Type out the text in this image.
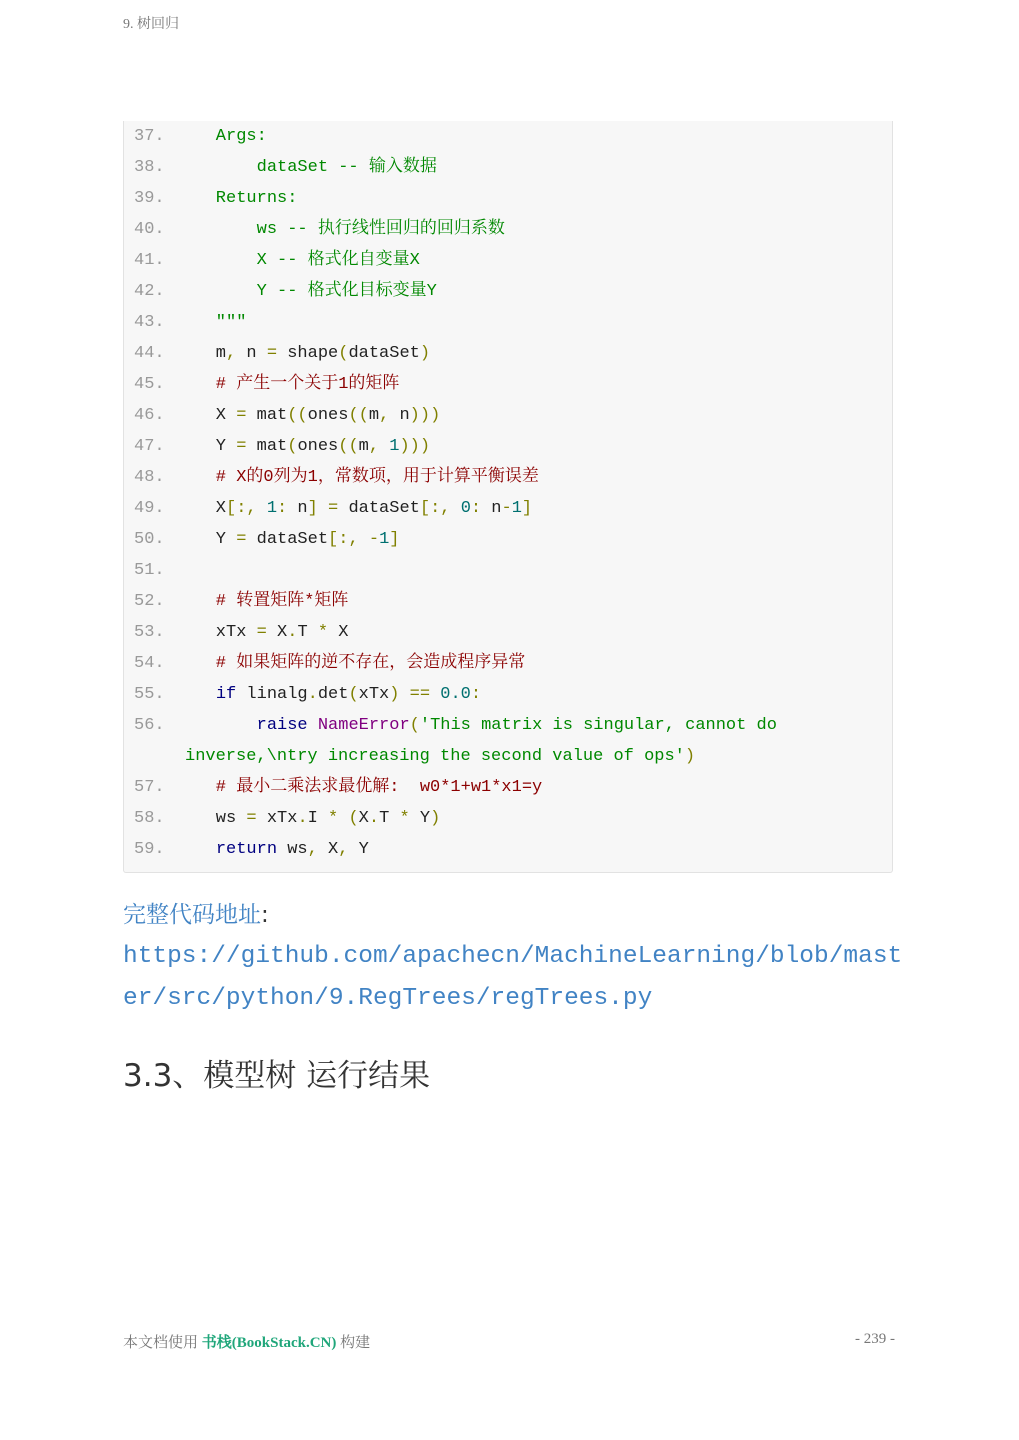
9. 树回归
37.    Args:
38.        dataSet -- 输入数据
39.    Returns:
40.        ws -- 执行线性回归的回归系数
41.        X -- 格式化自变量X
42.        Y -- 格式化目标变量Y
43.    """
44.    m, n = shape(dataSet)
45.    # 产生一个关于1的矩阵
46.    X = mat((ones((m, n)))
47.    Y = mat(ones((m, 1)))
48.    # X的0列为1，常数项，用于计算平衡误差
49.    X[:, 1: n] = dataSet[:, 0: n-1]
50.    Y = dataSet[:, -1]
51.
52.    # 转置矩阵*矩阵
53.    xTx = X.T * X
54.    # 如果矩阵的逆不存在，会造成程序异常
55.	if linalg.det(xTx) == 0.0:
56.	raise NameError('This matrix is singular, cannot do
inverse,\ntry increasing the second value of ops')
57.    # 最小二乘法求最优解:  w0*1+w1*x1=y
58.    ws = xTx.I * (X.T * Y)
59.	return ws, X, Y
完整代码地址:
https://github.com/apachecn/MachineLearning/blob/master/src/python/9.RegTrees/regTrees.py
3.3、模型树 运行结果
本文档使用 书栈(BookStack.CN) 构建	- 239 -
